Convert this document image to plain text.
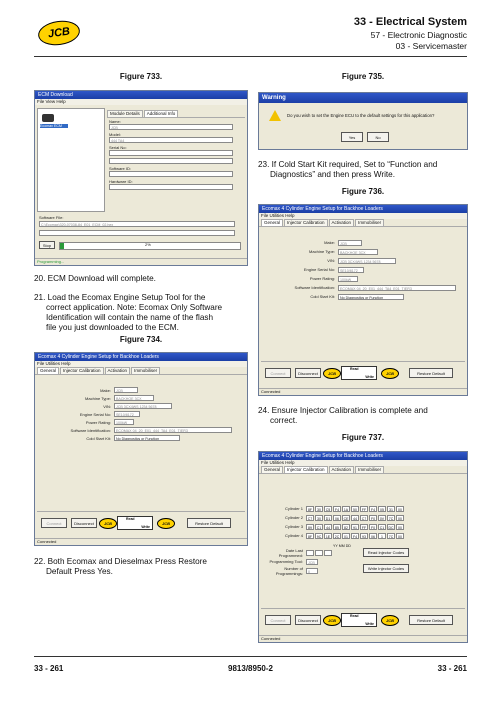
JCB
33 - Electrical System
57 - Electronic Diagnostic
03 - Servicemaster
Figure 733.
ECM Download
File View Help
Ecomax ECM
Module Details	Additional Info
Name:
JCB
Model:
444 TA4
Serial No:
Software ID:
Hardware ID:
Software File:
C:\Ecomax\320-07038-84_E01_ECM_02.hex
Stop	2%
Programming...
20. ECM Download will complete.
21. Load the Ecomax Engine Setup Tool for the
correct application. Note: Ecomax Only Software
Identification will contain the name of the flash
file you just downloaded to the ECM.
Figure 734.
Ecomax 4 Cylinder Engine Setup for Backhoe Loaders
File Utilities Help
General	Injector Calibration	Activation	Immobiliser
Make:	JCB
Machine Type:	BACKHOE 3CX
VIN:	JCB 3CX4WS 1234 5678
Engine Serial No:	SE10/8172
Power Rating:	100kW
Software Identification:	ECOMAX 04_20_E01_444_TA4_E01_TIER3
Cold Start Kit:	No Diagnostics or Function
Connect	Disconnect	JCB
Read
Write
JCB	Restore Default
Connected
22. Both Ecomax and Dieselmax Press Restore
Default Press Yes.
Figure 735.
Warning
Do you wish to set the Engine ECU to the default settings for this application?
Yes	No
23. If Cold Start Kit required, Set to “Function and
Diagnostics” and then press Write.
Figure 736.
Ecomax 4 Cylinder Engine Setup for Backhoe Loaders
File Utilities Help
General	Injector Calibration	Activation	Immobiliser
Make:	JCB
Machine Type:	BACKHOE 3CX
VIN:	JCB 3CX4WS 1234 5678
Engine Serial No:	SE10/8172
Power Rating:	100kW
Software Identification:	ECOMAX 04_20_E01_444_TA4_E01_TIER3
Cold Start Kit:	No Diagnostics or Function
Connect	Disconnect	JCB
Read
Write
JCB	Restore Default
Connected
24. Ensure Injector Calibration is complete and
correct.
Figure 737.
Ecomax 4 Cylinder Engine Setup for Backhoe Loaders
File Utilities Help
General	Injector Calibration	Activation	Immobiliser
Cylinder 1	8F	30	C5	F4	1A	50	FF	F4	05	31	00
Cylinder 2	C7	30	D1	06	CE	44	C7	F0	0V	7C	00
Cylinder 3	89	C1	44	85	82	91	FF	F0	C1	DC	00
Cylinder 4	8F	9C	1E	2C	01	F4	93	06	1	7C	00
YY MM DD
Date Last Programmed:
Programming Tool:	JCB
Number of Programmings:	0
Read Injector Codes
Write Injector Codes
Connect	Disconnect	JCB
Read
Write
JCB	Restore Default
Connected
33 - 261	9813/8950-2	33 - 261
